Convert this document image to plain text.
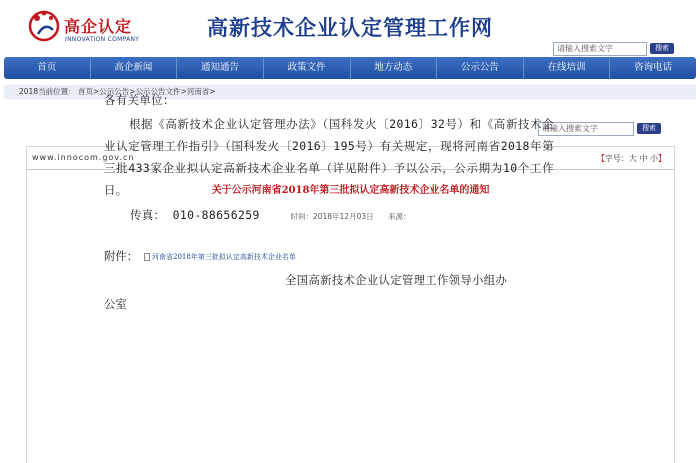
高企认定
INNOVATION COMPANY	高新技术企业认定管理工作网
请输入搜索文字	搜索
首页	高企新闻	通知通告	政策文件	地方动态	公示公告	在线培训	咨询电话
2018当前位置： 首页>公示公告>公示公告文件>河南省>
请输入搜索文字	搜索
www.innocom.gov.cn	【字号：大 中 小】
关于公示河南省2018年第三批拟认定高新技术企业名单的通知
时间：2018年12月03日 来源：
各有关单位：
根据《高新技术企业认定管理办法》（国科发火〔2016〕32号）和《高新技术企业认定管理工作指引》（国科发火〔2016〕195号）有关规定，现将河南省2018年第三批433家企业拟认定高新技术企业名单（详见附件）予以公示，公示期为10个工作日。
传真： 010-88656259
附件：	河南省2018年第三批拟认定高新技术企业名单
全国高新技术企业认定管理工作领导小组办
公室
